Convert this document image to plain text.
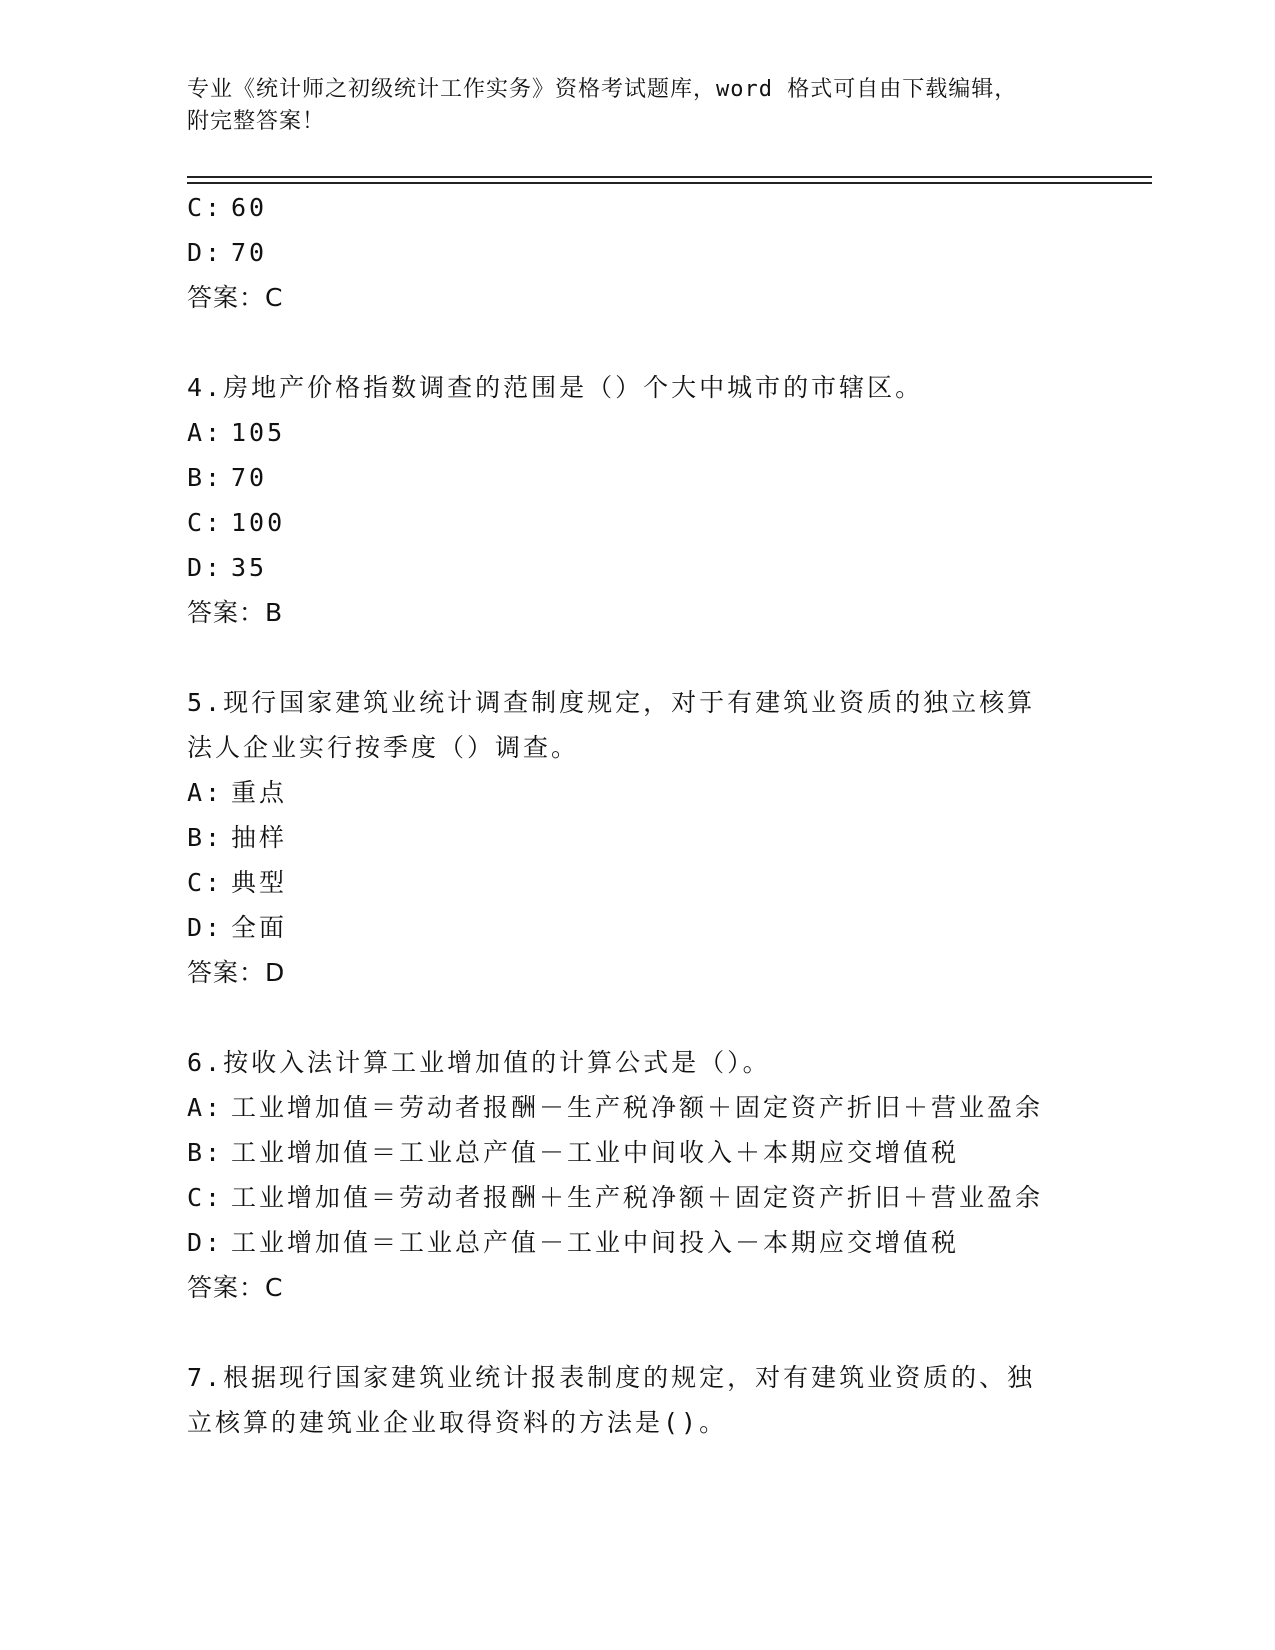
专业《统计师之初级统计工作实务》资格考试题库，word 格式可自由下载编辑，
附完整答案！
C: 60
D: 70
答案：C
4.房地产价格指数调查的范围是（）个大中城市的市辖区。
A: 105
B: 70
C: 100
D: 35
答案：B
5.现行国家建筑业统计调查制度规定，对于有建筑业资质的独立核算
法人企业实行按季度（）调查。
A: 重点
B: 抽样
C: 典型
D: 全面
答案：D
6.按收入法计算工业增加值的计算公式是（）。
A: 工业增加值＝劳动者报酬－生产税净额＋固定资产折旧＋营业盈余
B: 工业增加值＝工业总产值－工业中间收入＋本期应交增值税
C: 工业增加值＝劳动者报酬＋生产税净额＋固定资产折旧＋营业盈余
D: 工业增加值＝工业总产值－工业中间投入－本期应交增值税
答案：C
7.根据现行国家建筑业统计报表制度的规定，对有建筑业资质的、独
立核算的建筑业企业取得资料的方法是()。
